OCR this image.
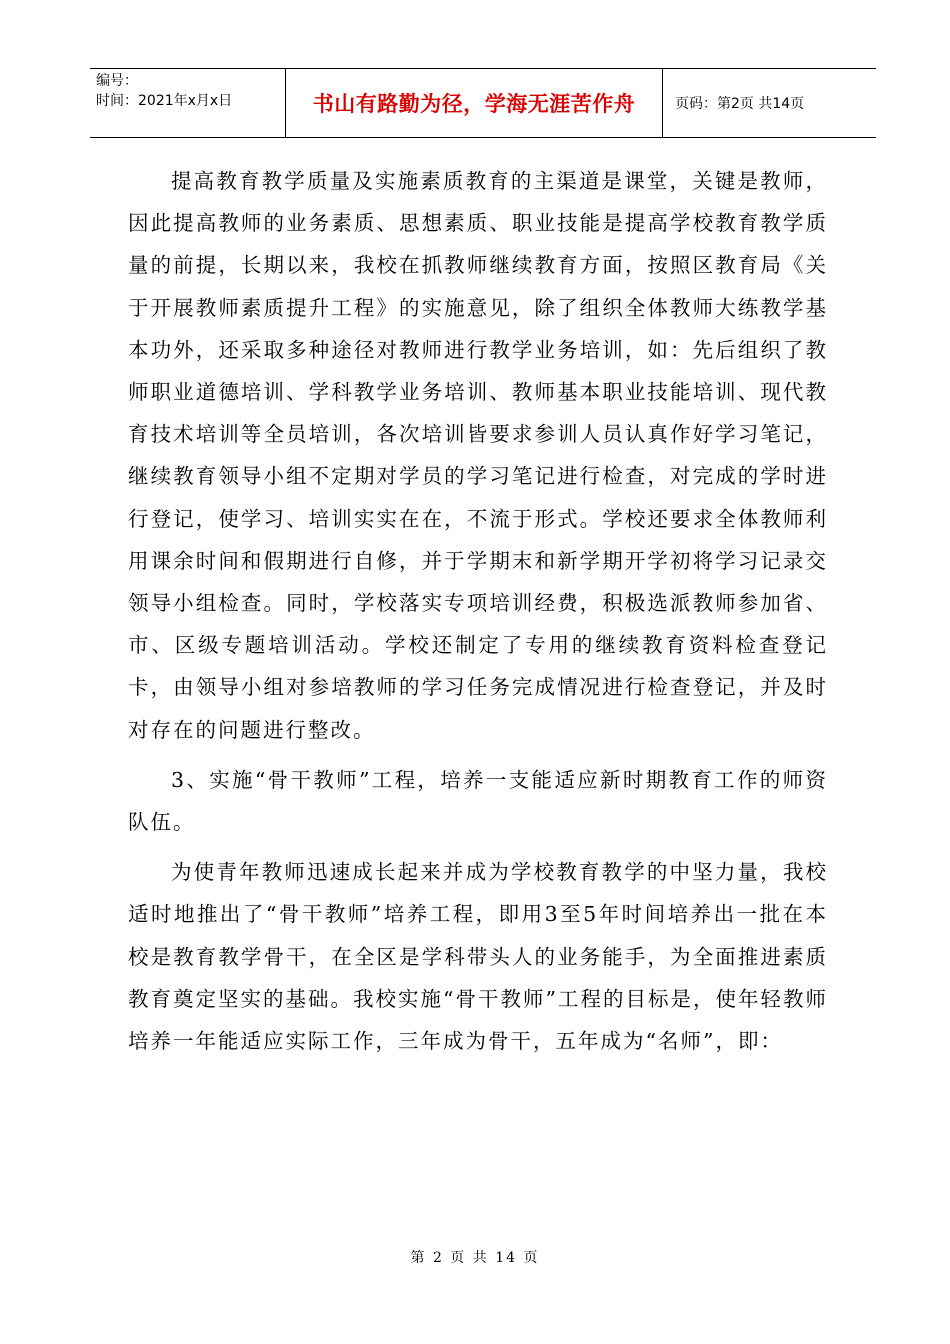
编号：
时间：2021年x月x日	书山有路勤为径，学海无涯苦作舟	页码：第2页 共14页

提高教育教学质量及实施素质教育的主渠道是课堂，关键是教师，因此提高教师的业务素质、思想素质、职业技能是提高学校教育教学质量的前提，长期以来，我校在抓教师继续教育方面，按照区教育局《关于开展教师素质提升工程》的实施意见，除了组织全体教师大练教学基本功外，还采取多种途径对教师进行教学业务培训，如：先后组织了教师职业道德培训、学科教学业务培训、教师基本职业技能培训、现代教育技术培训等全员培训，各次培训皆要求参训人员认真作好学习笔记，继续教育领导小组不定期对学员的学习笔记进行检查，对完成的学时进行登记，使学习、培训实实在在，不流于形式。学校还要求全体教师利用课余时间和假期进行自修，并于学期末和新学期开学初将学习记录交领导小组检查。同时，学校落实专项培训经费，积极选派教师参加省、市、区级专题培训活动。学校还制定了专用的继续教育资料检查登记卡，由领导小组对参培教师的学习任务完成情况进行检查登记，并及时对存在的问题进行整改。

3、实施“骨干教师”工程，培养一支能适应新时期教育工作的师资队伍。

为使青年教师迅速成长起来并成为学校教育教学的中坚力量，我校适时地推出了“骨干教师”培养工程，即用3至5年时间培养出一批在本校是教育教学骨干，在全区是学科带头人的业务能手，为全面推进素质教育奠定坚实的基础。我校实施“骨干教师”工程的目标是，使年轻教师培养一年能适应实际工作，三年成为骨干，五年成为“名师”，即：

第 2 页 共 14 页
